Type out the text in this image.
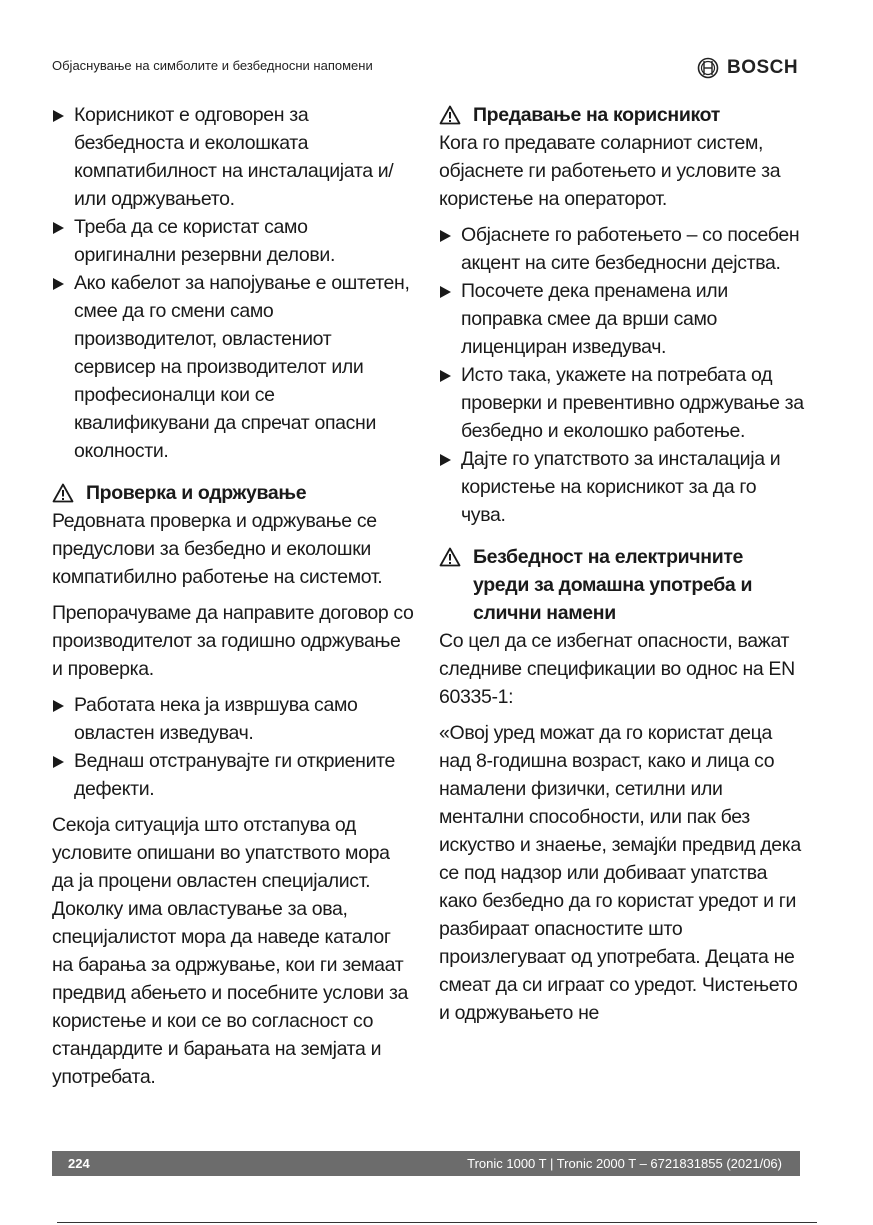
Објаснување на симболите и безбедносни напомени	BOSCH
Корисникот е одговорен за безбедноста и еколошката компатибилност на инсталацијата и/или одржувањето.
Треба да се користат само оригинални резервни делови.
Ако кабелот за напојување е оштетен, смее да го смени само производителот, овластениот сервисер на производителот или професионалци кои се квалификувани да спречат опасни околности.
Проверка и одржување

Редовната проверка и одржување се предуслови за безбедно и еколошки компатибилно работење на системот.

Препорачуваме да направите договор со производителот за годишно одржување и проверка.

Работата нека ја извршува само овластен изведувач.
Веднаш отстранувајте ги откриените дефекти.

Секоја ситуација што отстапува од условите опишани во упатството мора да ја процени овластен специјалист. Доколку има овластување за ова, специјалистот мора да наведе каталог на барања за одржување, кои ги земаат предвид абењето и посебните услови за користење и кои се во согласност со стандардите и барањата на земјата и употребата.

Предавање на корисникот

Кога го предавате соларниот систем, објаснете ги работењето и условите за користење на операторот.

Објаснете го работењето – со посебен акцент на сите безбедносни дејства.
Посочете дека пренамена или поправка смее да врши само лиценциран изведувач.
Исто така, укажете на потребата од проверки и превентивно одржување за безбедно и еколошко работење.
Дајте го упатството за инсталација и користење на корисникот за да го чува.
Безбедност на електричните уреди за домашна употреба и слични намени

Со цел да се избегнат опасности, важат следниве спецификации во однос на EN 60335-1:

«Овој уред можат да го користат деца над 8-годишна возраст, како и лица со намалени физички, сетилни или ментални способности, или пак без искуство и знаење, земајќи предвид дека се под надзор или добиваат упатства како безбедно да го користат уредот и ги разбираат опасностите што произлегуваат од употребата. Децата не смеат да си играат со уредот. Чистењето и одржувањето не

224	Tronic 1000 T | Tronic 2000 T – 6721831855 (2021/06)
